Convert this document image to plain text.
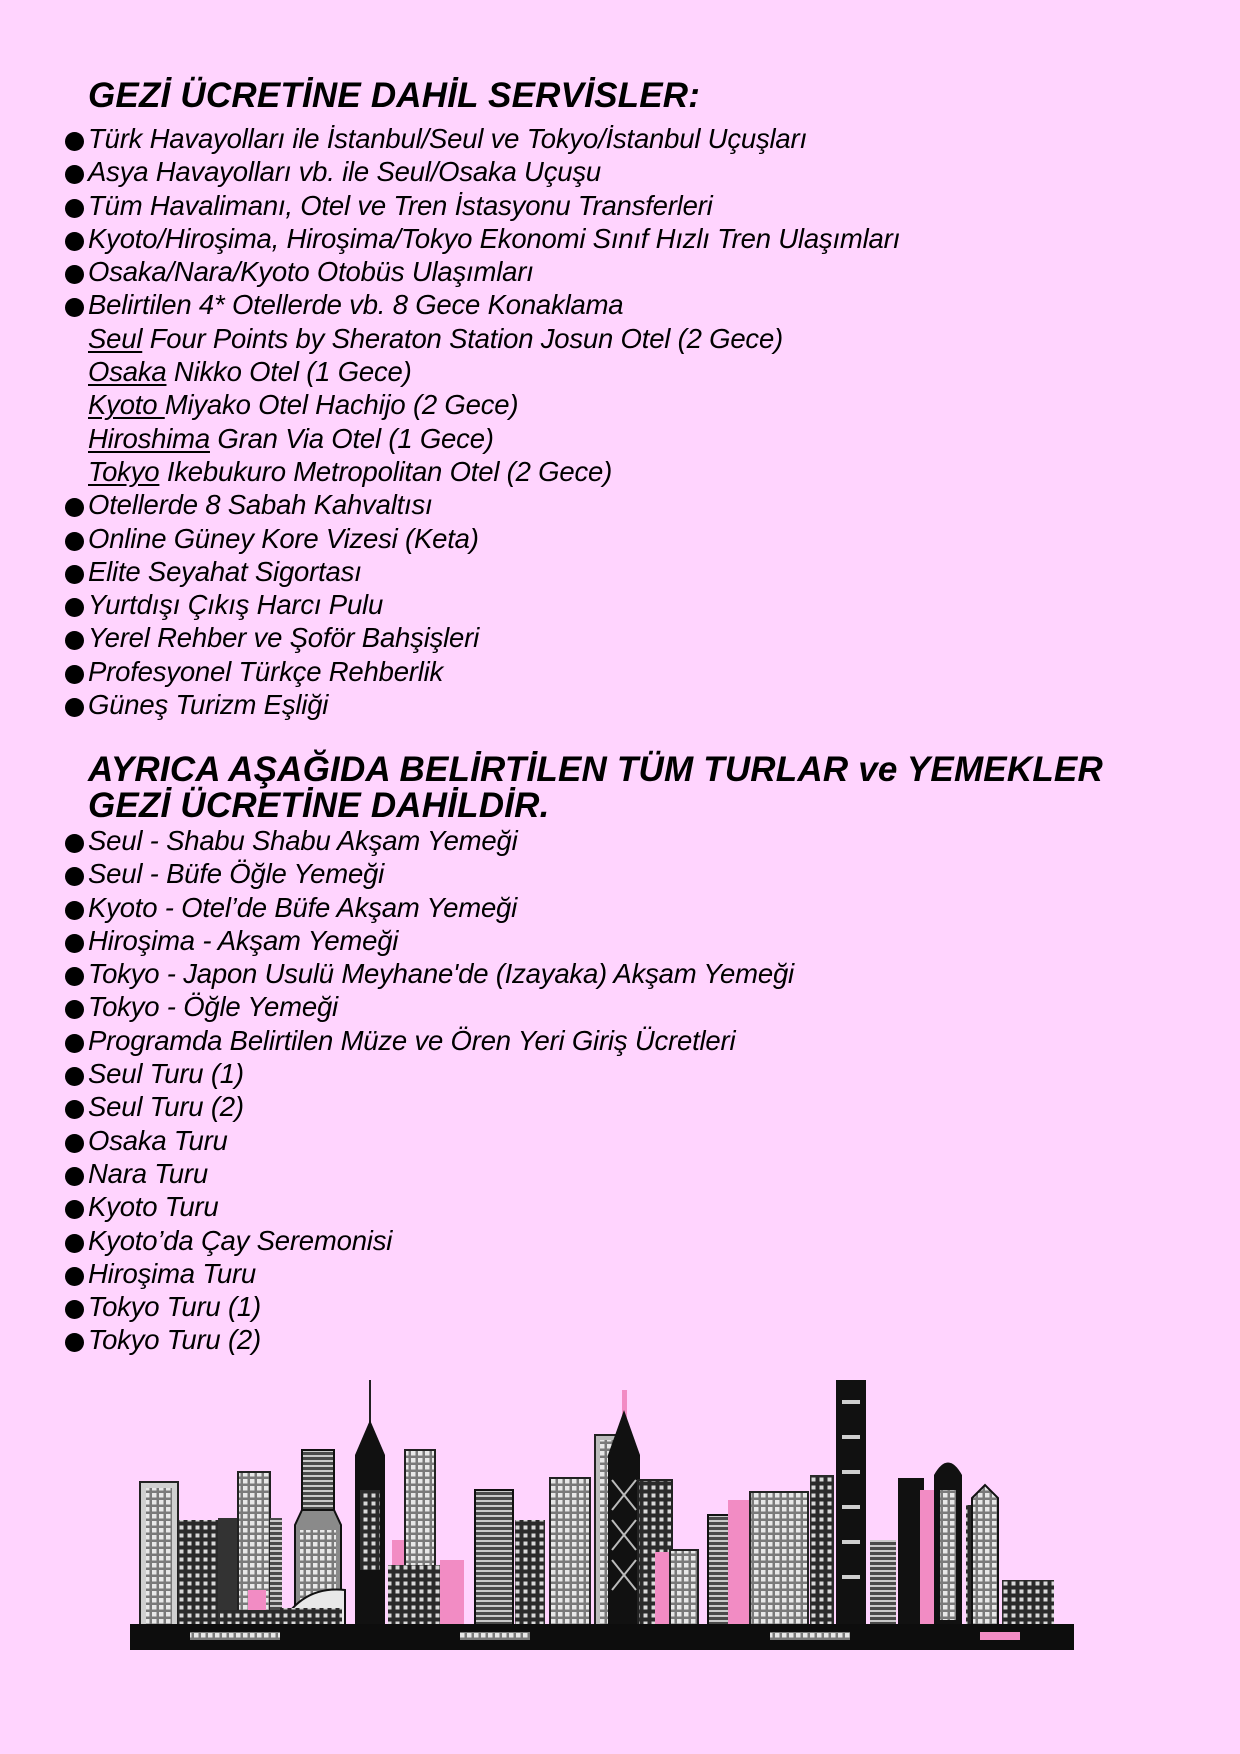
GEZİ ÜCRETİNE DAHİL SERVİSLER:
Türk Havayolları ile İstanbul/Seul ve Tokyo/İstanbul Uçuşları
Asya Havayolları vb. ile Seul/Osaka Uçuşu
Tüm Havalimanı, Otel ve Tren İstasyonu Transferleri
Kyoto/Hiroşima, Hiroşima/Tokyo Ekonomi Sınıf Hızlı Tren Ulaşımları
Osaka/Nara/Kyoto Otobüs Ulaşımları
Belirtilen 4* Otellerde vb. 8 Gece Konaklama
Seul Four Points by Sheraton Station Josun Otel (2 Gece)
Osaka Nikko Otel (1 Gece)
Kyoto Miyako Otel Hachijo (2 Gece)
Hiroshima Gran Via Otel (1 Gece)
Tokyo Ikebukuro Metropolitan Otel (2 Gece)
Otellerde 8 Sabah Kahvaltısı
Online Güney Kore Vizesi (Keta)
Elite Seyahat Sigortası
Yurtdışı Çıkış Harcı Pulu
Yerel Rehber ve Şoför Bahşişleri
Profesyonel Türkçe Rehberlik
Güneş Turizm Eşliği
AYRICA AŞAĞIDA BELİRTİLEN TÜM TURLAR ve YEMEKLER
GEZİ ÜCRETİNE DAHİLDİR.
Seul - Shabu Shabu Akşam Yemeği
Seul - Büfe Öğle Yemeği
Kyoto - Otel’de Büfe Akşam Yemeği
Hiroşima - Akşam Yemeği
Tokyo - Japon Usulü Meyhane'de (Izayaka) Akşam Yemeği
Tokyo - Öğle Yemeği
Programda Belirtilen Müze ve Ören Yeri Giriş Ücretleri
Seul Turu (1)
Seul Turu (2)
Osaka Turu
Nara Turu
Kyoto Turu
Kyoto’da Çay Seremonisi
Hiroşima Turu
Tokyo Turu (1)
Tokyo Turu (2)
